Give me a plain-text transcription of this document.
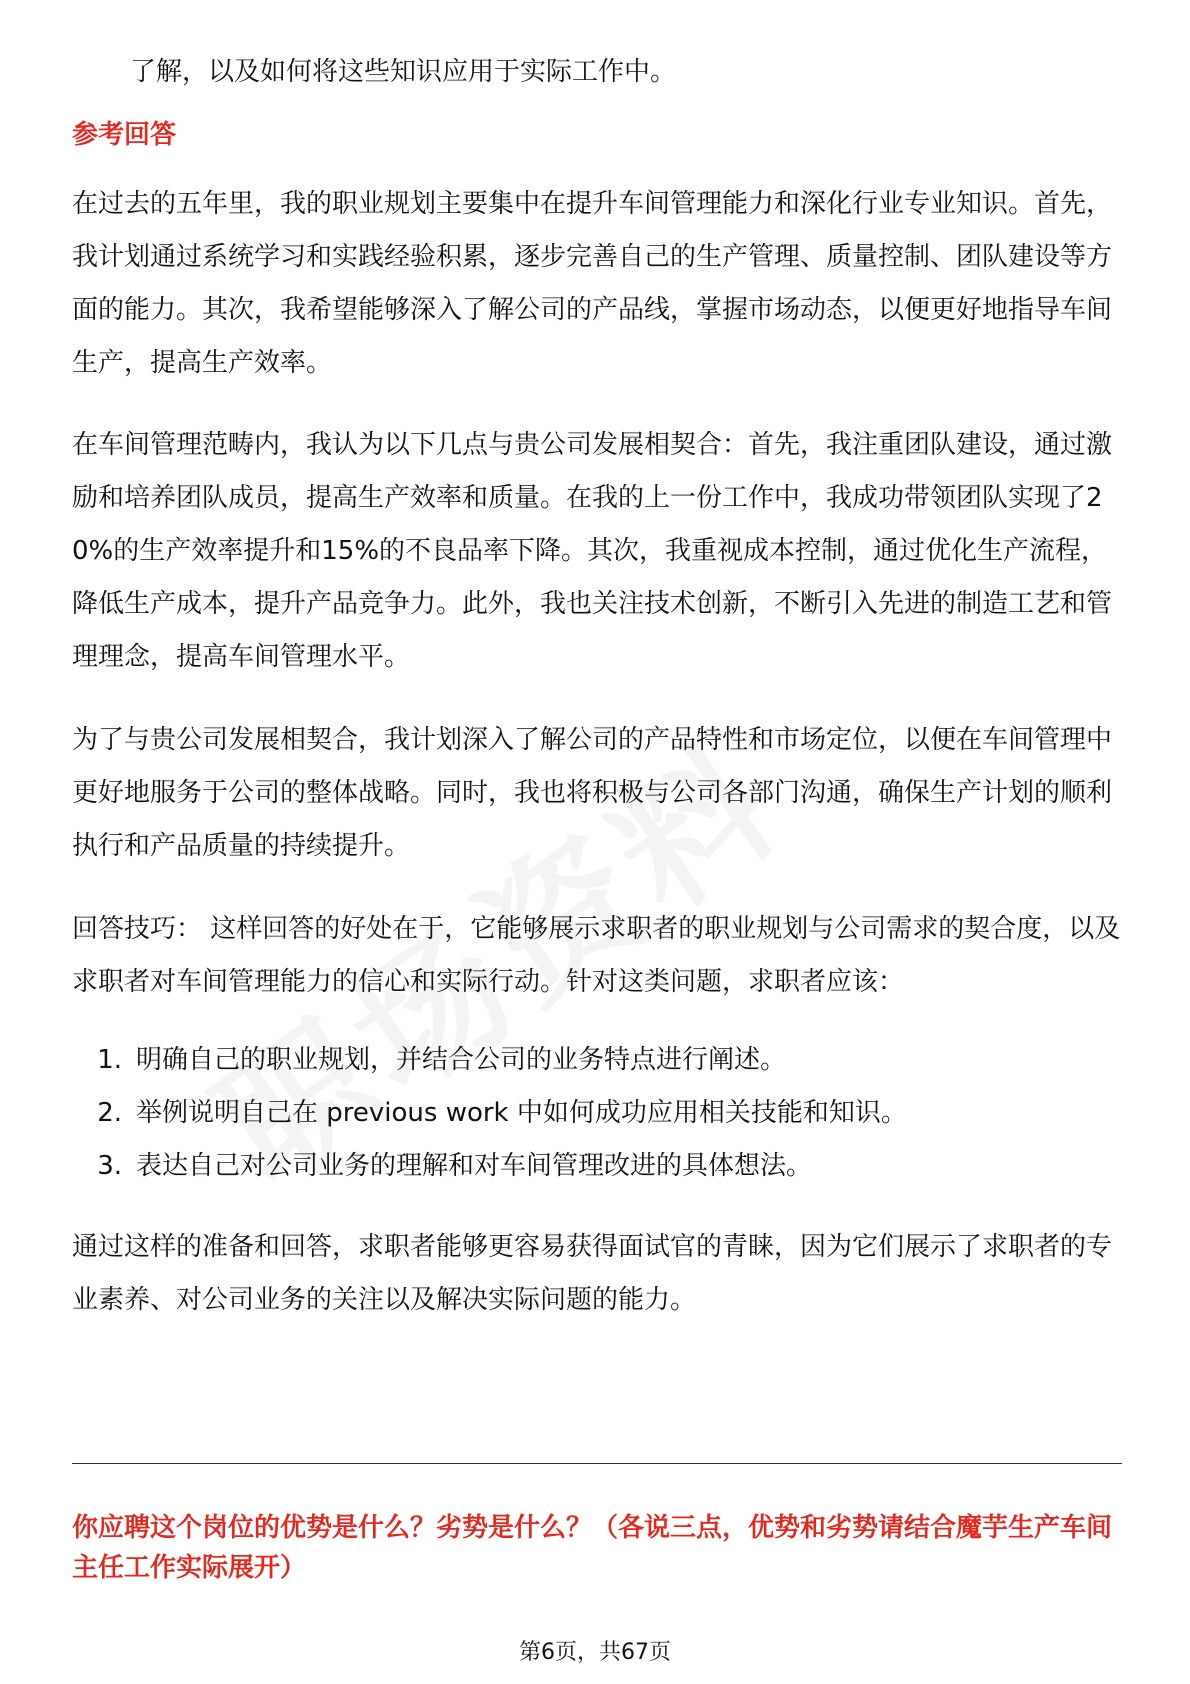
了解，以及如何将这些知识应用于实际工作中。
参考回答

在过去的五年里，我的职业规划主要集中在提升车间管理能力和深化行业专业知识。首先，我计划通过系统学习和实践经验积累，逐步完善自己的生产管理、质量控制、团队建设等方面的能力。其次，我希望能够深入了解公司的产品线，掌握市场动态，以便更好地指导车间生产，提高生产效率。

在车间管理范畴内，我认为以下几点与贵公司发展相契合：首先，我注重团队建设，通过激励和培养团队成员，提高生产效率和质量。在我的上一份工作中，我成功带领团队实现了20%的生产效率提升和15%的不良品率下降。其次，我重视成本控制，通过优化生产流程，降低生产成本，提升产品竞争力。此外，我也关注技术创新，不断引入先进的制造工艺和管理理念，提高车间管理水平。

为了与贵公司发展相契合，我计划深入了解公司的产品特性和市场定位，以便在车间管理中更好地服务于公司的整体战略。同时，我也将积极与公司各部门沟通，确保生产计划的顺利执行和产品质量的持续提升。

回答技巧： 这样回答的好处在于，它能够展示求职者的职业规划与公司需求的契合度，以及求职者对车间管理能力的信心和实际行动。针对这类问题，求职者应该：

1. 明确自己的职业规划，并结合公司的业务特点进行阐述。
2. 举例说明自己在 previous work 中如何成功应用相关技能和知识。
3. 表达自己对公司业务的理解和对车间管理改进的具体想法。

通过这样的准备和回答，求职者能够更容易获得面试官的青睐，因为它们展示了求职者的专业素养、对公司业务的关注以及解决实际问题的能力。

你应聘这个岗位的优势是什么？劣势是什么？（各说三点，优势和劣势请结合魔芋生产车间主任工作实际展开）

第6页，共67页
